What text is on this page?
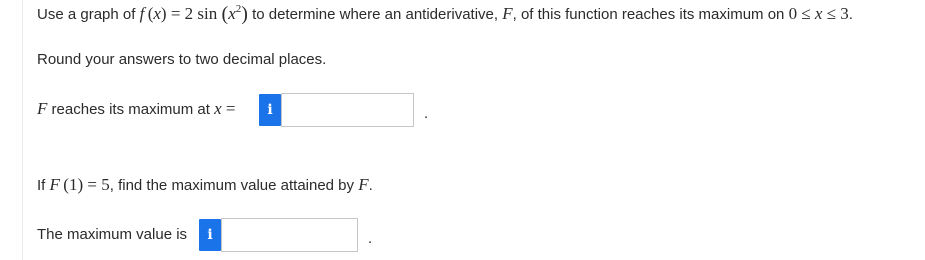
Use a graph of f (x) = 2 $\sin (x^2)$ to determine where an antiderivative, F, of this function reaches its maximum on 0 ≤ x ≤ 3.
Round your answers to two decimal places.
F reaches its maximum at x =	i	.
If F (1) = 5, find the maximum value attained by F.
The maximum value is	i	.
